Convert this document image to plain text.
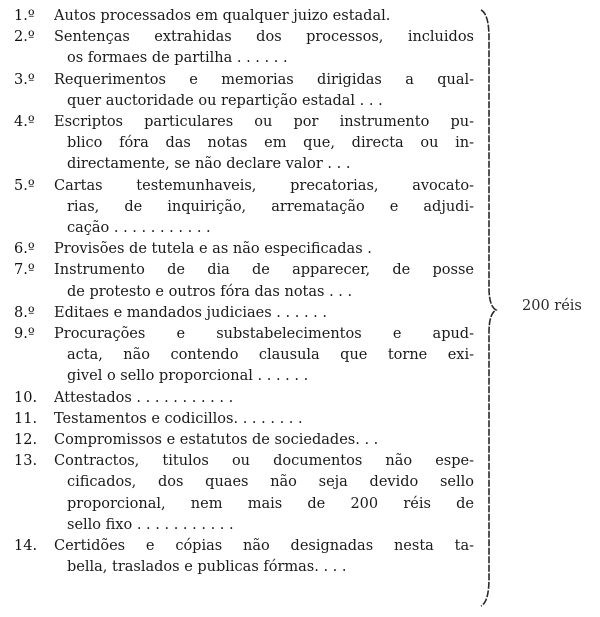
1.º	Autos processados em qualquer juizo estadal.
2.º	Sentenças extrahidas dos processos, incluidos
os formaes de partilha . . . . . .
3.º	Requerimentos e memorias dirigidas a qual-
quer auctoridade ou repartição estadal . . .
4.º	Escriptos particulares ou por instrumento pu-
blico fóra das notas em que, directa ou in-
directamente, se não declare valor . . .
5.º	Cartas testemunhaveis, precatorias, avocato-
rias, de inquirição, arrematação e adjudi-
cação . . . . . . . . . . .
6.º	Provisões de tutela e as não especificadas .
7.º	Instrumento de dia de apparecer, de posse
de protesto e outros fóra das notas . . .
8.º	Editaes e mandados judiciaes . . . . . .
9.º	Procurações e substabelecimentos e apud-
acta, não contendo clausula que torne exi-
givel o sello proporcional . . . . . .
10.	Attestados . . . . . . . . . . .
11.	Testamentos e codicillos. . . . . . . .
12.	Compromissos e estatutos de sociedades. . .
13.	Contractos, titulos ou documentos não espe-
cificados, dos quaes não seja devido sello
proporcional, nem mais de 200 réis de
sello fixo . . . . . . . . . . .
14.	Certidões e cópias não designadas nesta ta-
bella, traslados e publicas fórmas. . . .
200 réis
